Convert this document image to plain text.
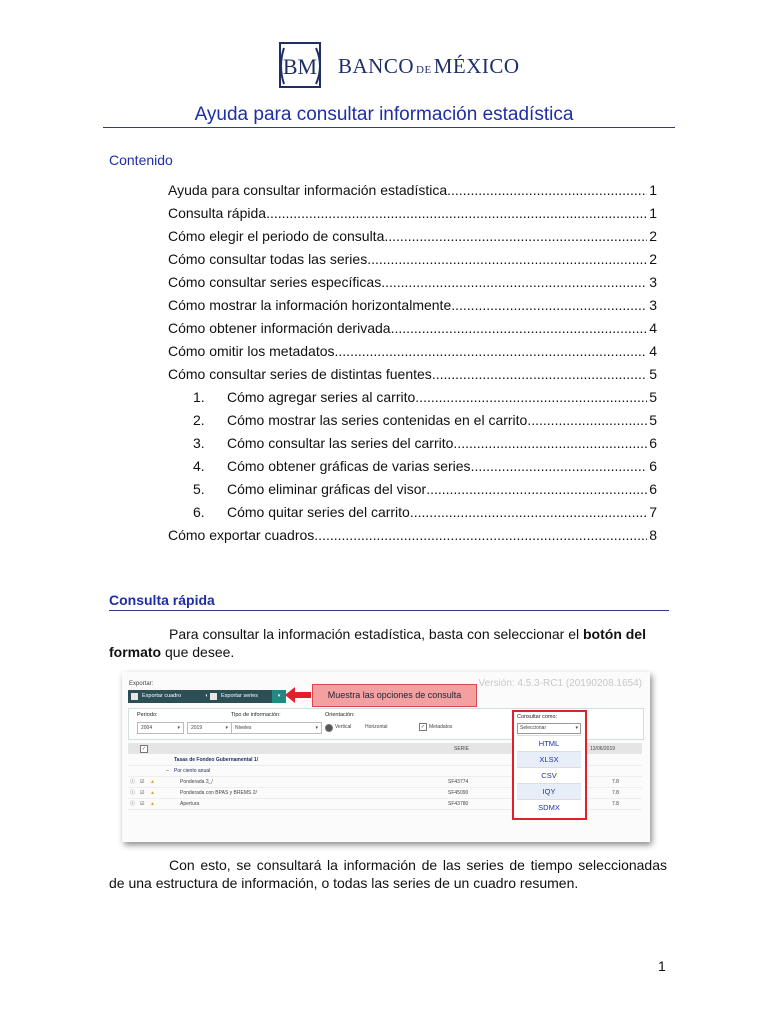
BM BANCO DEMÉXICO
Ayuda para consultar información estadística
Contenido
Ayuda para consultar información estadística .....	1
Consulta rápida .....	1
Cómo elegir el periodo de consulta .....	2
Cómo consultar todas las series .....	2
Cómo consultar series específicas .....	3
Cómo mostrar la información horizontalmente .....	3
Cómo obtener información derivada .....	4
Cómo omitir los metadatos .....	4
Cómo consultar series de distintas fuentes .....	5
1.	Cómo agregar series al carrito .....	5
2.	Cómo mostrar las series contenidas en el carrito .....	5
3.	Cómo consultar las series del carrito .....	6
4.	Cómo obtener gráficas de varias series .....	6
5.	Cómo eliminar gráficas del visor .....	6
6.	Cómo quitar series del carrito .....	7
Cómo exportar cuadros .....	8
Consulta rápida
Para consultar la información estadística, basta con seleccionar el botón del formato que desee.
Exportar:	Versión: 4.5.3-RC1 (20190208.1654)
Exportar cuadro	Exportar series	▾	Muestra las opciones de consulta
Periodo:
2004	▾	2019	▾
Tipo de información:
Niveles	▾
Orientación:
Vertical	Horizontal	✓ Metadatos
✓	SERIE	13/06/2019
Tasas de Fondeo Gubernamental 1/
− Por ciento anual
ⓘ ☑ ▲	Ponderada 3_/	SF43774	7.8
ⓘ ☑ ▲	Ponderada con BPAS y BREMS 2/	SF45090	7.8
ⓘ ☑ ▲	Apertura	SF43780	7.8
Consultar como:
Seleccionar	▾
HTML
XLSX
CSV
IQY
SDMX
Con esto, se consultará la información de las series de tiempo seleccionadas de una estructura de información, o todas las series de un cuadro resumen.
1
